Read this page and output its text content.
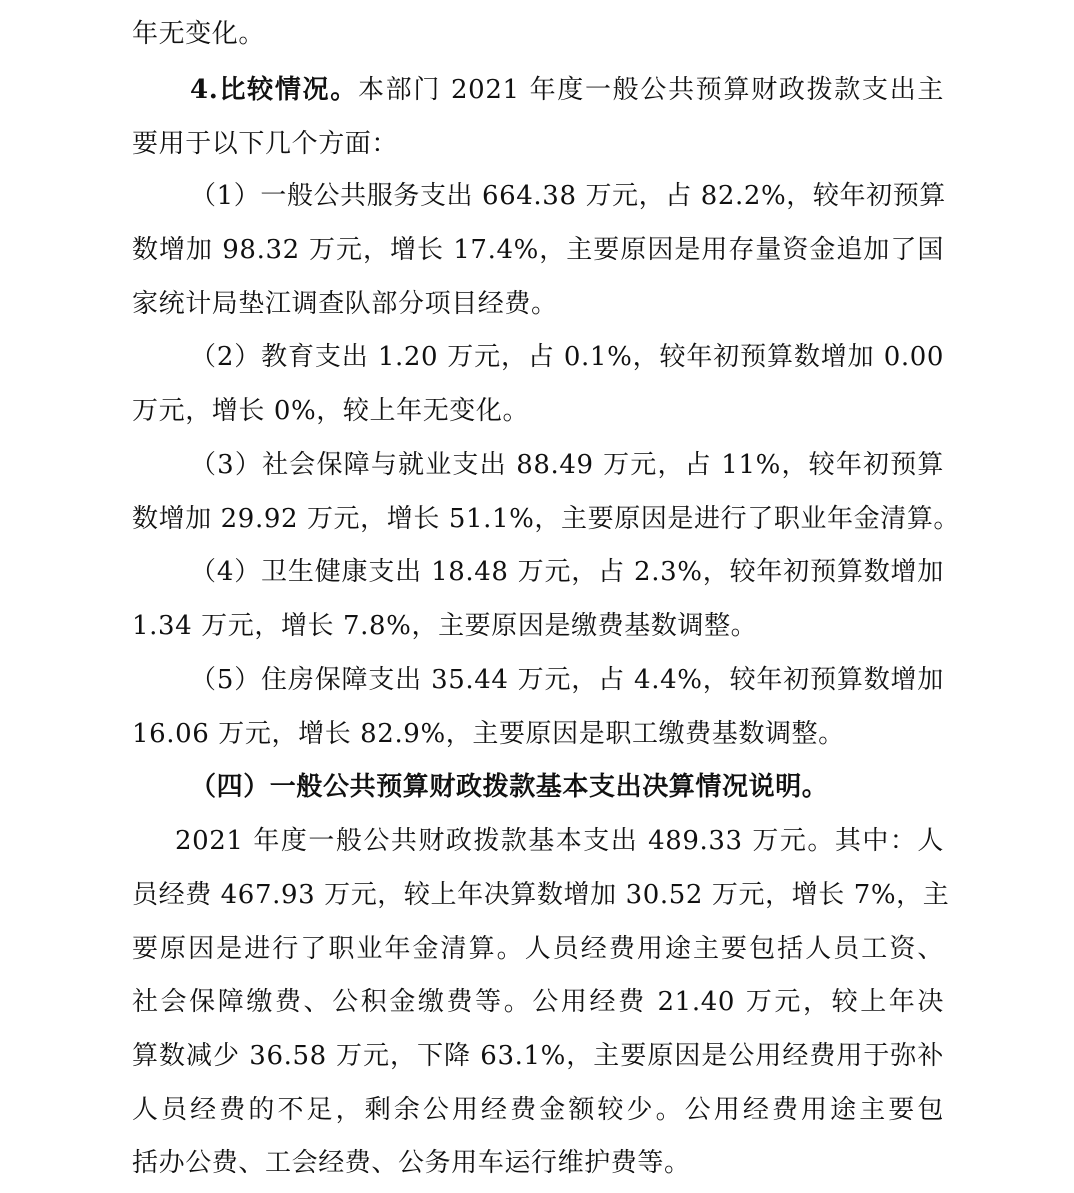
年无变化。
4.比较情况。本部门 2021 年度一般公共预算财政拨款支出主
要用于以下几个方面：
（1）一般公共服务支出 664.38 万元，占 82.2%，较年初预算
数增加 98.32 万元，增长 17.4%，主要原因是用存量资金追加了国
家统计局垫江调查队部分项目经费。
（2）教育支出 1.20 万元，占 0.1%，较年初预算数增加 0.00
万元，增长 0%，较上年无变化。
（3）社会保障与就业支出 88.49 万元，占 11%，较年初预算
数增加 29.92 万元，增长 51.1%，主要原因是进行了职业年金清算。
（4）卫生健康支出 18.48 万元，占 2.3%，较年初预算数增加
1.34 万元，增长 7.8%，主要原因是缴费基数调整。
（5）住房保障支出 35.44 万元，占 4.4%，较年初预算数增加
16.06 万元，增长 82.9%，主要原因是职工缴费基数调整。
（四）一般公共预算财政拨款基本支出决算情况说明。
2021 年度一般公共财政拨款基本支出 489.33 万元。其中：人
员经费 467.93 万元，较上年决算数增加 30.52 万元，增长 7%，主
要原因是进行了职业年金清算。人员经费用途主要包括人员工资、
社会保障缴费、公积金缴费等。公用经费 21.40 万元，较上年决
算数减少 36.58 万元，下降 63.1%，主要原因是公用经费用于弥补
人员经费的不足，剩余公用经费金额较少。公用经费用途主要包
括办公费、工会经费、公务用车运行维护费等。
